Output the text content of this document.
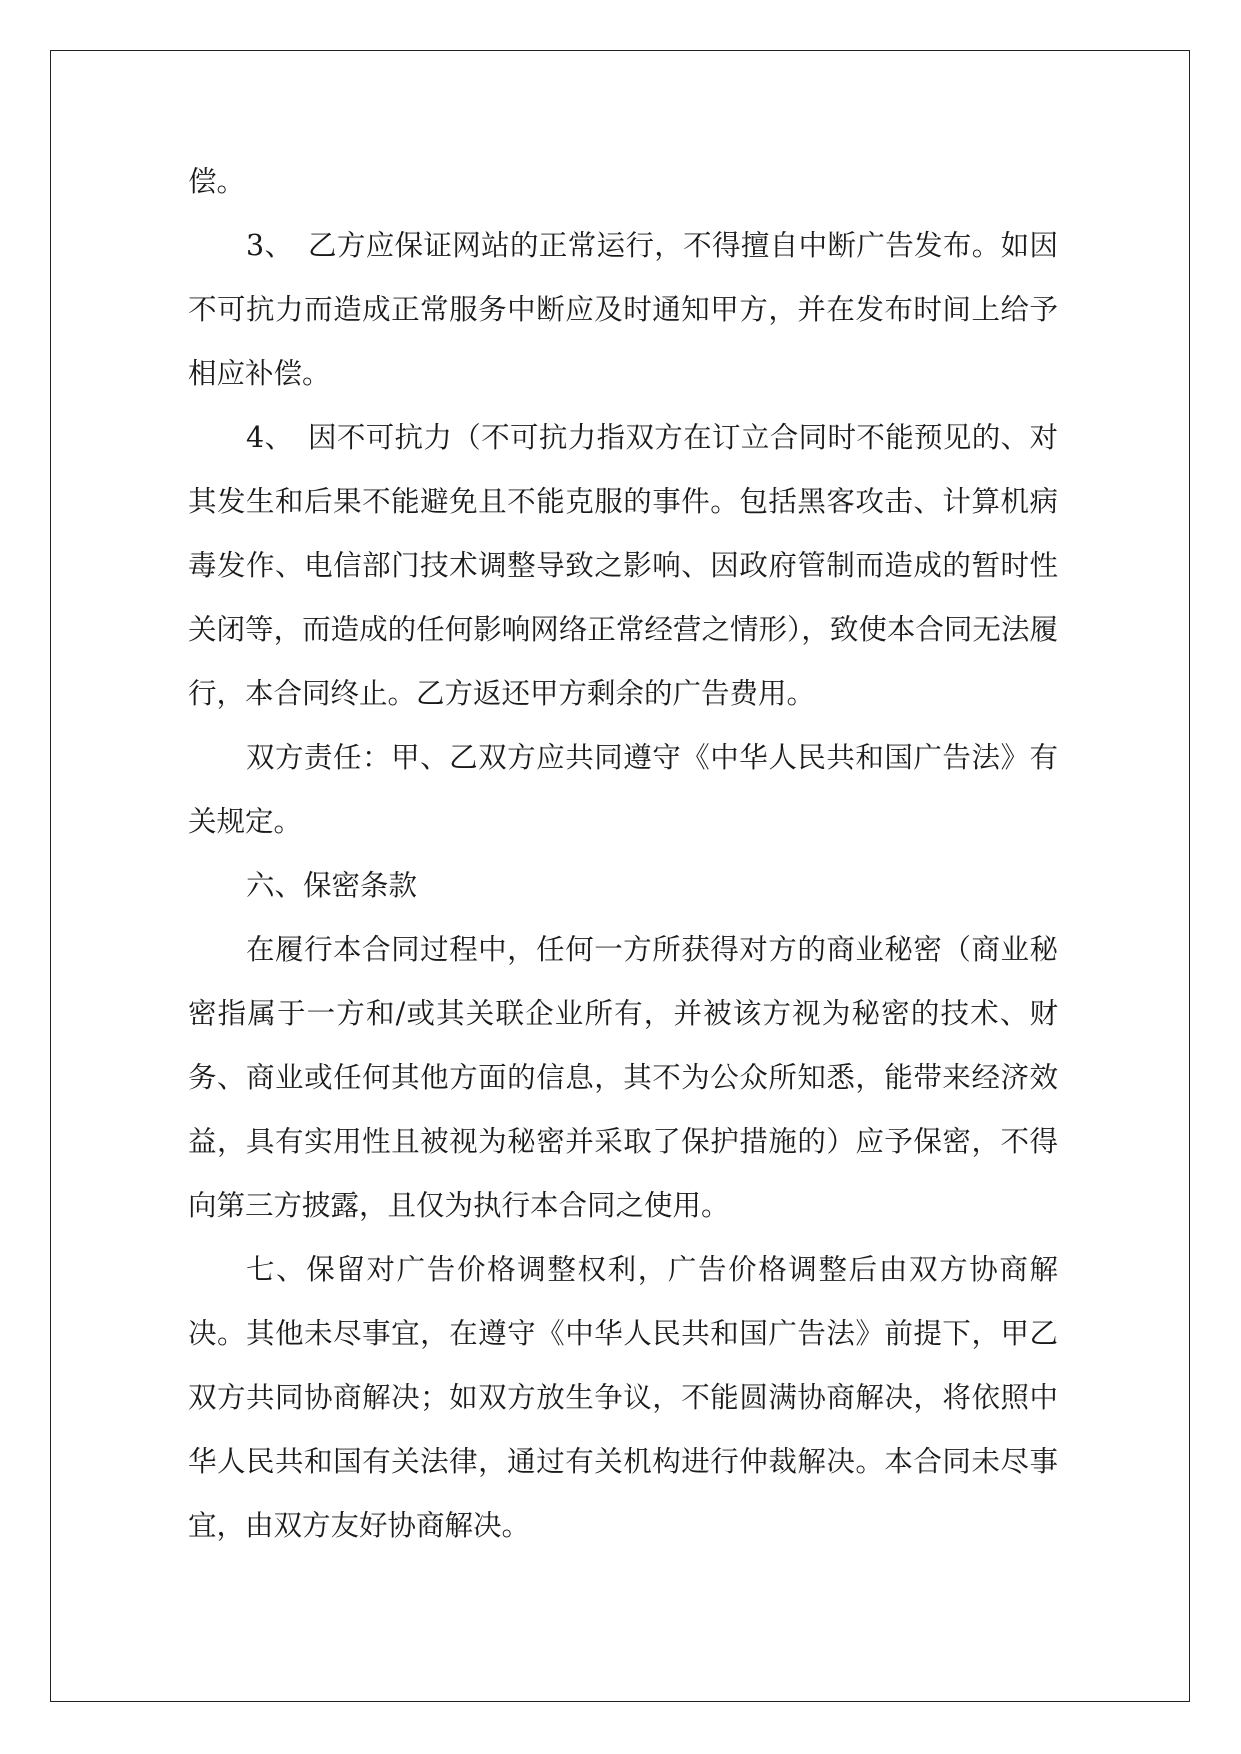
偿。

3、　乙方应保证网站的正常运行，不得擅自中断广告发布。如因不可抗力而造成正常服务中断应及时通知甲方，并在发布时间上给予相应补偿。

4、　因不可抗力（不可抗力指双方在订立合同时不能预见的、对其发生和后果不能避免且不能克服的事件。包括黑客攻击、计算机病毒发作、电信部门技术调整导致之影响、因政府管制而造成的暂时性关闭等，而造成的任何影响网络正常经营之情形），致使本合同无法履行，本合同终止。乙方返还甲方剩余的广告费用。

双方责任：甲、乙双方应共同遵守《中华人民共和国广告法》有关规定。

六、保密条款

在履行本合同过程中，任何一方所获得对方的商业秘密（商业秘密指属于一方和/或其关联企业所有，并被该方视为秘密的技术、财务、商业或任何其他方面的信息，其不为公众所知悉，能带来经济效益，具有实用性且被视为秘密并采取了保护措施的）应予保密，不得向第三方披露，且仅为执行本合同之使用。

七、保留对广告价格调整权利，广告价格调整后由双方协商解决。其他未尽事宜，在遵守《中华人民共和国广告法》前提下，甲乙双方共同协商解决；如双方放生争议，不能圆满协商解决，将依照中华人民共和国有关法律，通过有关机构进行仲裁解决。本合同未尽事宜，由双方友好协商解决。
